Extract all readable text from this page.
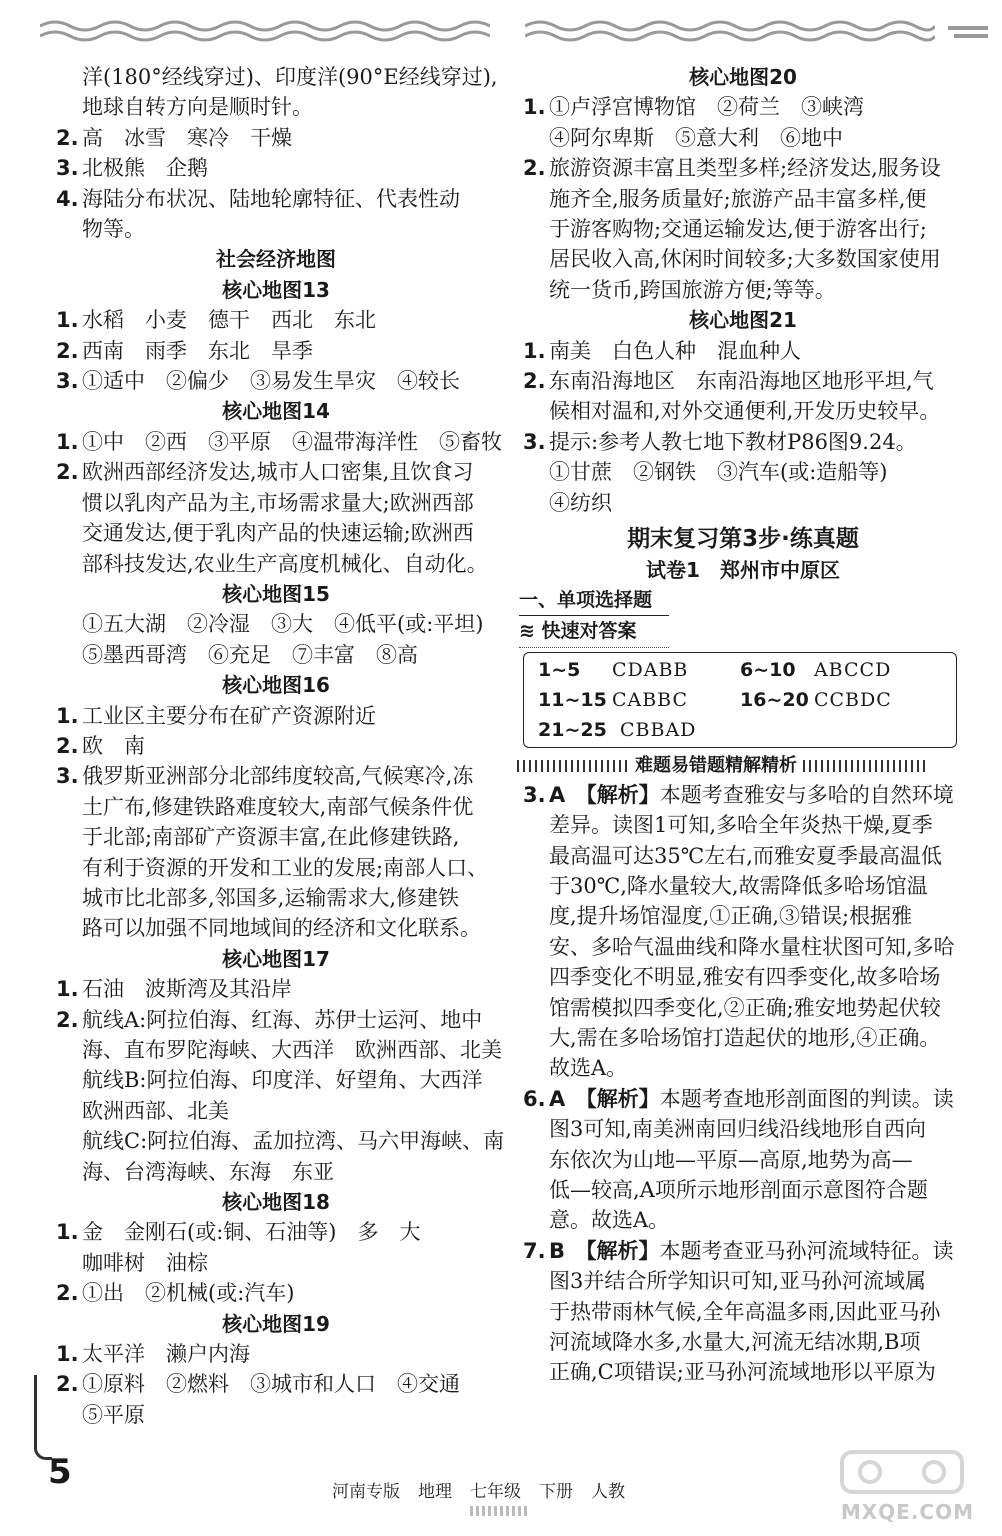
洋(180°经线穿过)、印度洋(90°E经线穿过),
地球自转方向是顺时针。
2. 高　冰雪　寒冷　干燥
3. 北极熊　企鹅
4. 海陆分布状况、陆地轮廓特征、代表性动
物等。
社会经济地图
核心地图13
1. 水稻　小麦　德干　西北　东北
2. 西南　雨季　东北　旱季
3. ①适中　②偏少　③易发生旱灾　④较长
核心地图14
1. ①中　②西　③平原　④温带海洋性　⑤畜牧
2. 欧洲西部经济发达,城市人口密集,且饮食习
惯以乳肉产品为主,市场需求量大;欧洲西部
交通发达,便于乳肉产品的快速运输;欧洲西
部科技发达,农业生产高度机械化、自动化。
核心地图15
①五大湖　②冷湿　③大　④低平(或:平坦)
⑤墨西哥湾　⑥充足　⑦丰富　⑧高
核心地图16
1. 工业区主要分布在矿产资源附近
2. 欧　南
3. 俄罗斯亚洲部分北部纬度较高,气候寒冷,冻
土广布,修建铁路难度较大,南部气候条件优
于北部;南部矿产资源丰富,在此修建铁路,
有利于资源的开发和工业的发展;南部人口、
城市比北部多,邻国多,运输需求大,修建铁
路可以加强不同地域间的经济和文化联系。
核心地图17
1. 石油　波斯湾及其沿岸
2. 航线A:阿拉伯海、红海、苏伊士运河、地中
海、直布罗陀海峡、大西洋　欧洲西部、北美
航线B:阿拉伯海、印度洋、好望角、大西洋
欧洲西部、北美
航线C:阿拉伯海、孟加拉湾、马六甲海峡、南
海、台湾海峡、东海　东亚
核心地图18
1. 金　金刚石(或:铜、石油等)　多　大
咖啡树　油棕
2. ①出　②机械(或:汽车)
核心地图19
1. 太平洋　濑户内海
2. ①原料　②燃料　③城市和人口　④交通
⑤平原
核心地图20
1. ①卢浮宫博物馆　②荷兰　③峡湾
④阿尔卑斯　⑤意大利　⑥地中
2. 旅游资源丰富且类型多样;经济发达,服务设
施齐全,服务质量好;旅游产品丰富多样,便
于游客购物;交通运输发达,便于游客出行;
居民收入高,休闲时间较多;大多数国家使用
统一货币,跨国旅游方便;等等。
核心地图21
1. 南美　白色人种　混血种人
2. 东南沿海地区　东南沿海地区地形平坦,气
候相对温和,对外交通便利,开发历史较早。
3. 提示:参考人教七地下教材P86图9.24。
①甘蔗　②钢铁　③汽车(或:造船等)
④纺织
期末复习第3步·练真题
试卷1　郑州市中原区
一、单项选择题
≋ 快速对答案
1~5	CDABB	6~10 ABCCD
11~15 CABBC	16~20 CCBDC
21~25 CBBAD
难题易错题精解精析
3. A　【解析】本题考查雅安与多哈的自然环境
差异。读图1可知,多哈全年炎热干燥,夏季
最高温可达35℃左右,而雅安夏季最高温低
于30℃,降水量较大,故需降低多哈场馆温
度,提升场馆湿度,①正确,③错误;根据雅
安、多哈气温曲线和降水量柱状图可知,多哈
四季变化不明显,雅安有四季变化,故多哈场
馆需模拟四季变化,②正确;雅安地势起伏较
大,需在多哈场馆打造起伏的地形,④正确。
故选A。
6. A　【解析】本题考查地形剖面图的判读。读
图3可知,南美洲南回归线沿线地形自西向
东依次为山地—平原—高原,地势为高—
低—较高,A项所示地形剖面示意图符合题
意。故选A。
7. B　【解析】本题考查亚马孙河流域特征。读
图3并结合所学知识可知,亚马孙河流域属
于热带雨林气候,全年高温多雨,因此亚马孙
河流域降水多,水量大,河流无结冰期,B项
正确,C项错误;亚马孙河流域地形以平原为
5	河南专版 地理 七年级 下册 人教
MXQE.COM
